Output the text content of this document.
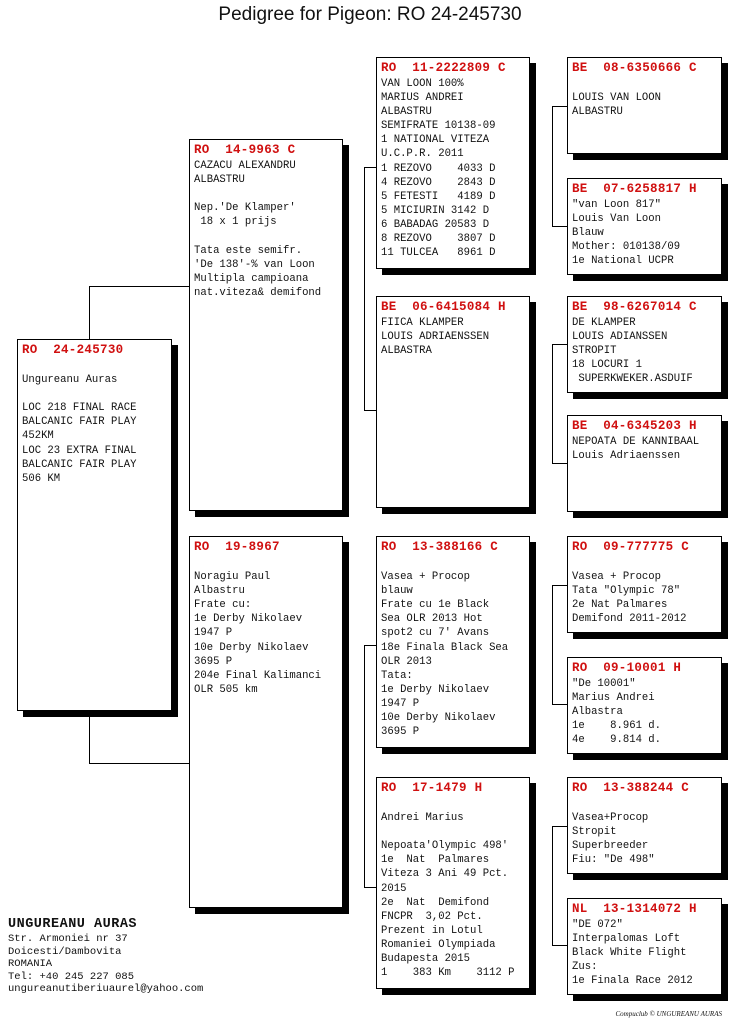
Pedigree for Pigeon: RO 24-245730
RO  24-245730
Ungureanu Auras
LOC 218 FINAL RACE
BALCANIC FAIR PLAY
452KM
LOC 23 EXTRA FINAL
BALCANIC FAIR PLAY
506 KM
RO  14-9963 C
CAZACU ALEXANDRU
ALBASTRU
Nep.'De Klamper'
18 x 1 prijs
Tata este semifr.
'De 138'-% van Loon
Multipla campioana
nat.viteza& demifond
RO  19-8967
Noragiu Paul
Albastru
Frate cu:
1e Derby Nikolaev
1947 P
10e Derby Nikolaev
3695 P
204e Final Kalimanci
OLR 505 km
RO  11-2222809 C
VAN LOON 100%
MARIUS ANDREI
ALBASTRU
SEMIFRATE 10138-09
1 NATIONAL VITEZA
U.C.P.R. 2011
1 REZOVO    4033 D
4 REZOVO    2843 D
5 FETESTI   4189 D
5 MICIURIN 3142 D
6 BABADAG 20583 D
8 REZOVO    3807 D
11 TULCEA   8961 D
BE  06-6415084 H
FIICA KLAMPER
LOUIS ADRIAENSSEN
ALBASTRA
RO  13-388166 C
Vasea + Procop
blauw
Frate cu 1e Black
Sea OLR 2013 Hot
spot2 cu 7' Avans
18e Finala Black Sea
OLR 2013
Tata:
1e Derby Nikolaev
1947 P
10e Derby Nikolaev
3695 P
RO  17-1479 H
Andrei Marius
Nepoata'Olympic 498'
1e  Nat  Palmares
Viteza 3 Ani 49 Pct.
2015
2e  Nat  Demifond
FNCPR  3,02 Pct.
Prezent in Lotul
Romaniei Olympiada
Budapesta 2015
1    383 Km    3112 P
BE  08-6350666 C
LOUIS VAN LOON
ALBASTRU
BE  07-6258817 H
"van Loon 817"
Louis Van Loon
Blauw
Mother: 010138/09
1e National UCPR
BE  98-6267014 C
DE KLAMPER
LOUIS ADIANSSEN
STROPIT
18 LOCURI 1
SUPERKWEKER.ASDUIF
BE  04-6345203 H
NEPOATA DE KANNIBAAL
Louis Adriaenssen
RO  09-777775 C
Vasea + Procop
Tata "Olympic 78"
2e Nat Palmares
Demifond 2011-2012
RO  09-10001 H
"De 10001"
Marius Andrei
Albastra
1e    8.961 d.
4e    9.814 d.
RO  13-388244 C
Vasea+Procop
Stropit
Superbreeder
Fiu: "De 498"
NL  13-1314072 H
"DE 072"
Interpalomas Loft
Black White Flight
Zus:
1e Finala Race 2012
UNGUREANU AURAS
Str. Armoniei nr 37
Doicesti/Dambovita
ROMANIA
Tel: +40 245 227 085
ungureanutiberiuaurel@yahoo.com
Compuclub © UNGUREANU AURAS
